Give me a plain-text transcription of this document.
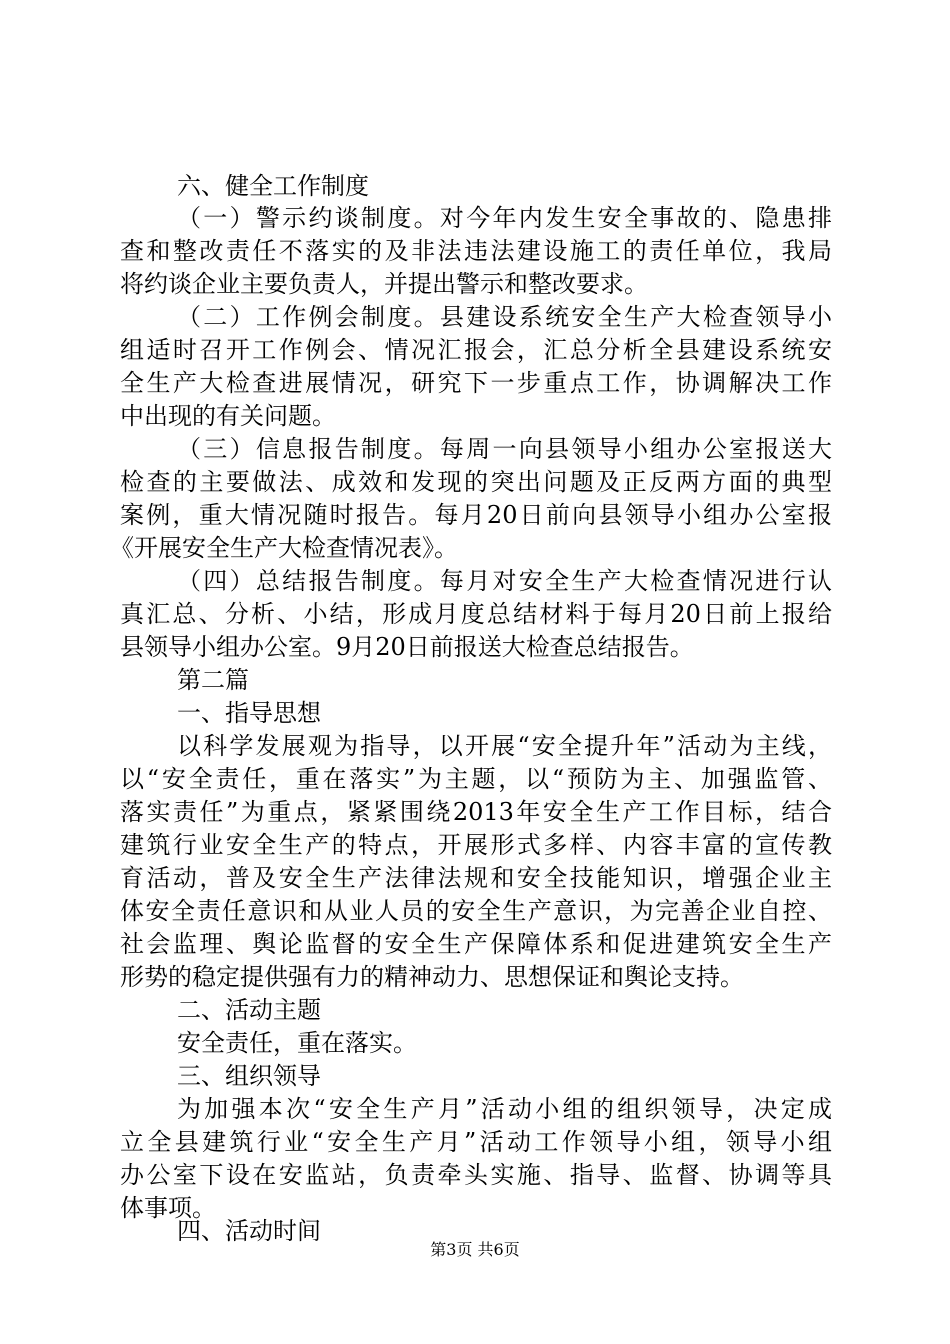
六、健全工作制度
（一）警示约谈制度。对今年内发生安全事故的、隐患排
查和整改责任不落实的及非法违法建设施工的责任单位，我局
将约谈企业主要负责人，并提出警示和整改要求。
（二）工作例会制度。县建设系统安全生产大检查领导小
组适时召开工作例会、情况汇报会，汇总分析全县建设系统安
全生产大检查进展情况，研究下一步重点工作，协调解决工作
中出现的有关问题。
（三）信息报告制度。每周一向县领导小组办公室报送大
检查的主要做法、成效和发现的突出问题及正反两方面的典型
案例，重大情况随时报告。每月20日前向县领导小组办公室报
《开展安全生产大检查情况表》。
（四）总结报告制度。每月对安全生产大检查情况进行认
真汇总、分析、小结，形成月度总结材料于每月20日前上报给
县领导小组办公室。9月20日前报送大检查总结报告。
第二篇
一、指导思想
以科学发展观为指导，以开展“安全提升年”活动为主线，
以“安全责任，重在落实”为主题，以“预防为主、加强监管、
落实责任”为重点，紧紧围绕2013年安全生产工作目标，结合
建筑行业安全生产的特点，开展形式多样、内容丰富的宣传教
育活动，普及安全生产法律法规和安全技能知识，增强企业主
体安全责任意识和从业人员的安全生产意识，为完善企业自控、
社会监理、舆论监督的安全生产保障体系和促进建筑安全生产
形势的稳定提供强有力的精神动力、思想保证和舆论支持。
二、活动主题
安全责任，重在落实。
三、组织领导
为加强本次“安全生产月”活动小组的组织领导，决定成
立全县建筑行业“安全生产月”活动工作领导小组，领导小组
办公室下设在安监站，负责牵头实施、指导、监督、协调等具
体事项。
四、活动时间
第3页 共6页
